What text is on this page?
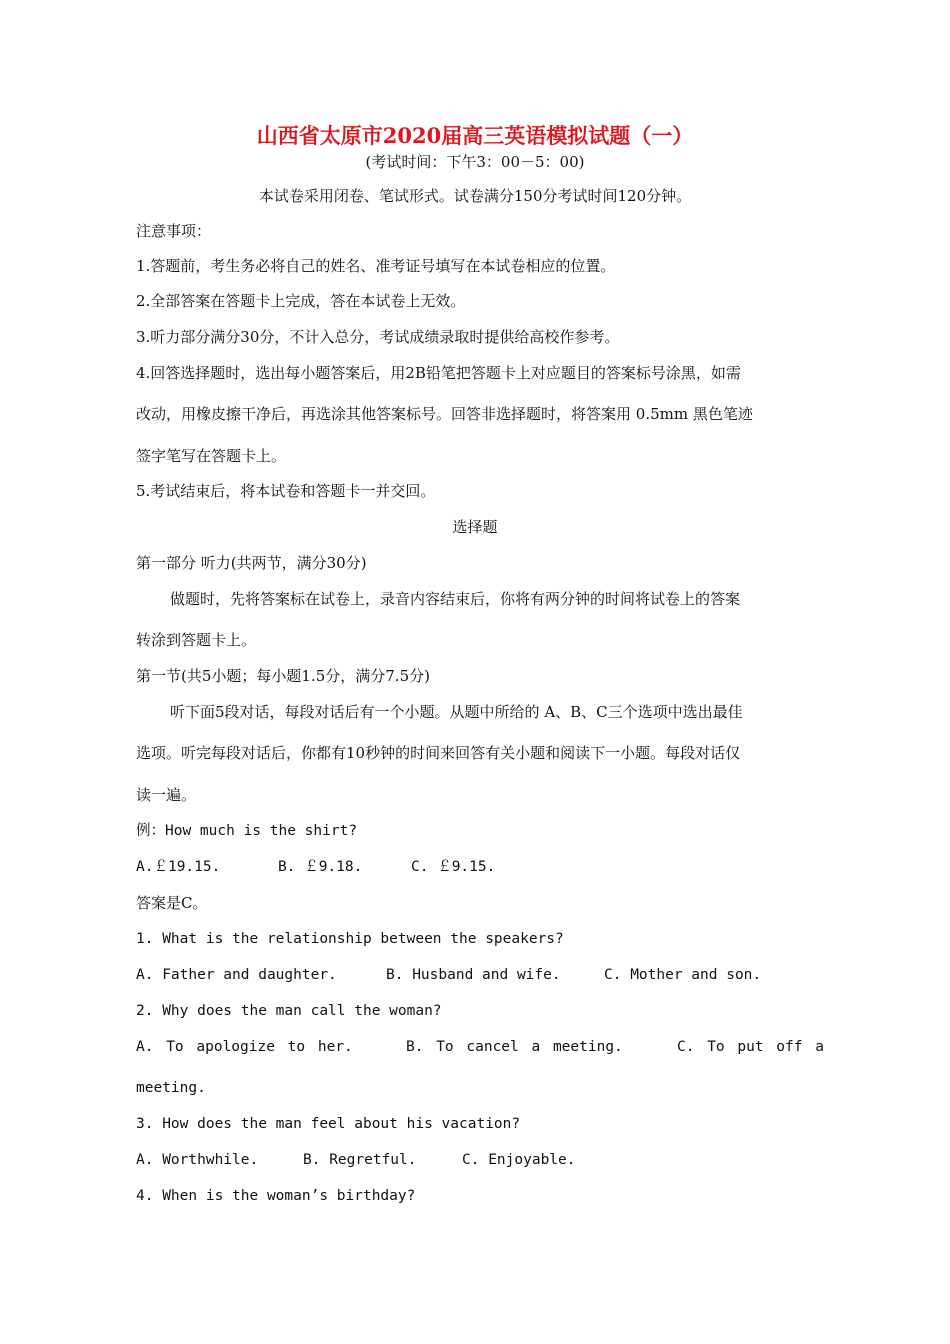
山西省太原市2020届高三英语模拟试题（一）
(考试时间：下午3：00－5：00)
本试卷采用闭卷、笔试形式。试卷满分150分考试时间120分钟。
注意事项：
1.答题前，考生务必将自己的姓名、准考证号填写在本试卷相应的位置。
2.全部答案在答题卡上完成，答在本试卷上无效。
3.听力部分满分30分，不计入总分，考试成绩录取时提供给高校作参考。
4.回答选择题时，选出每小题答案后，用2B铅笔把答题卡上对应题目的答案标号涂黑，如需
改动，用橡皮擦干净后，再选涂其他答案标号。回答非选择题时，将答案用 0.5mm 黑色笔迹
签字笔写在答题卡上。
5.考试结束后，将本试卷和答题卡一并交回。
选择题
第一部分 听力(共两节，满分30分)
做题时，先将答案标在试卷上，录音内容结束后，你将有两分钟的时间将试卷上的答案
转涂到答题卡上。
第一节(共5小题；每小题1.5分，满分7.5分)
听下面5段对话，每段对话后有一个小题。从题中所给的 A、B、C三个选项中选出最佳
选项。听完每段对话后，你都有10秒钟的时间来回答有关小题和阅读下一小题。每段对话仅
读一遍。
例：How much is the shirt?
A.￡19.15.	B. ￡9.18.	C. ￡9.15.
答案是C。
1. What is the relationship between the speakers?
A. Father and daughter.	B. Husband and wife.	C. Mother and son.
2. Why does the man call the woman?
A. To apologize to her.	B. To cancel a meeting.	C. To put off a
meeting.
3. How does the man feel about his vacation?
A. Worthwhile.	B. Regretful.	C. Enjoyable.
4. When is the woman’s birthday?
